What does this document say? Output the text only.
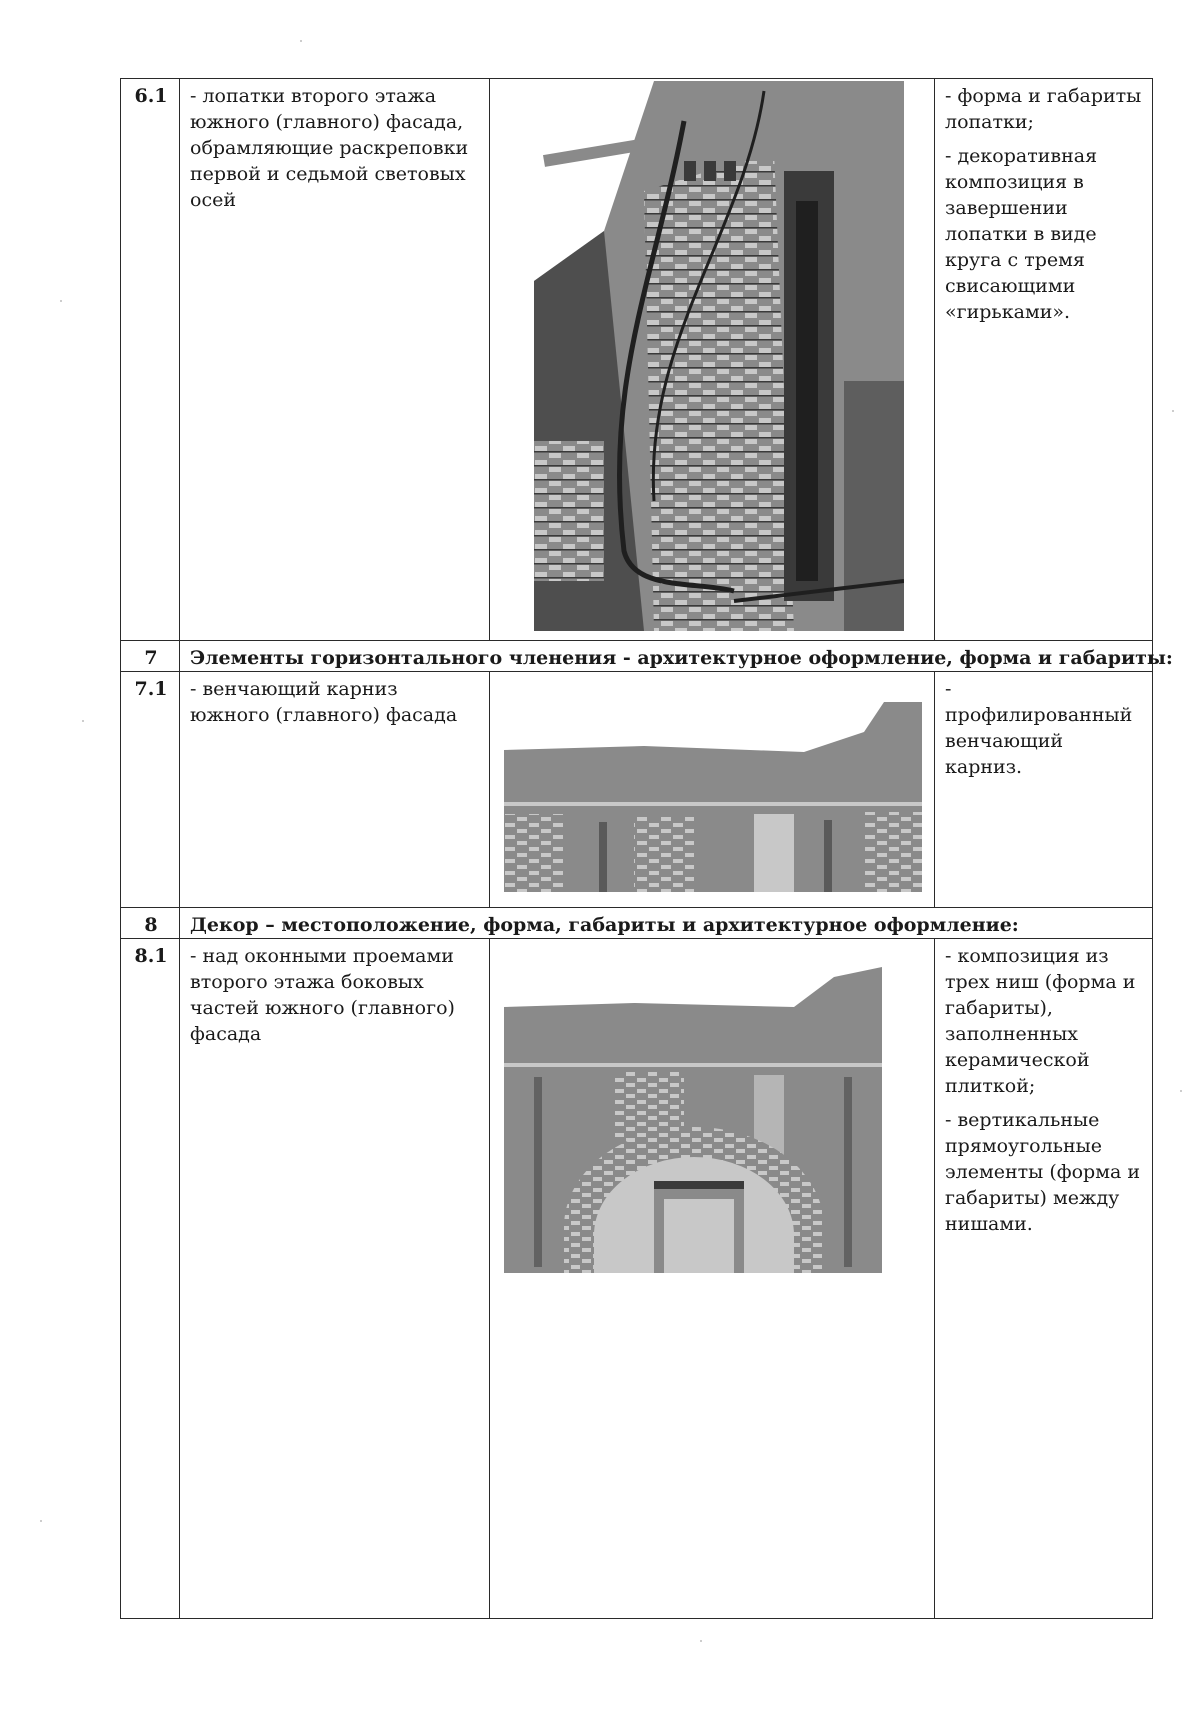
6.1	- лопатки второго этажа южного (главного) фасада, обрамляющие раскреповки первой и седьмой световых осей		- форма и габариты лопатки;
- декоративная композиция в завершении лопатки в виде круга с тремя свисающими «гирьками».

7	Элементы горизонтального членения - архитектурное оформление, форма и габариты:		
7.1	- венчающий карниз южного (главного) фасада		- профилированный венчающий карниз.

8	Декор – местоположение, форма, габариты и архитектурное оформление:		
8.1	- над оконными проемами второго этажа боковых частей южного (главного) фасада		- композиция из трех ниш (форма и габариты), заполненных керамической плиткой;
- вертикальные прямоугольные элементы (форма и габариты) между нишами.
